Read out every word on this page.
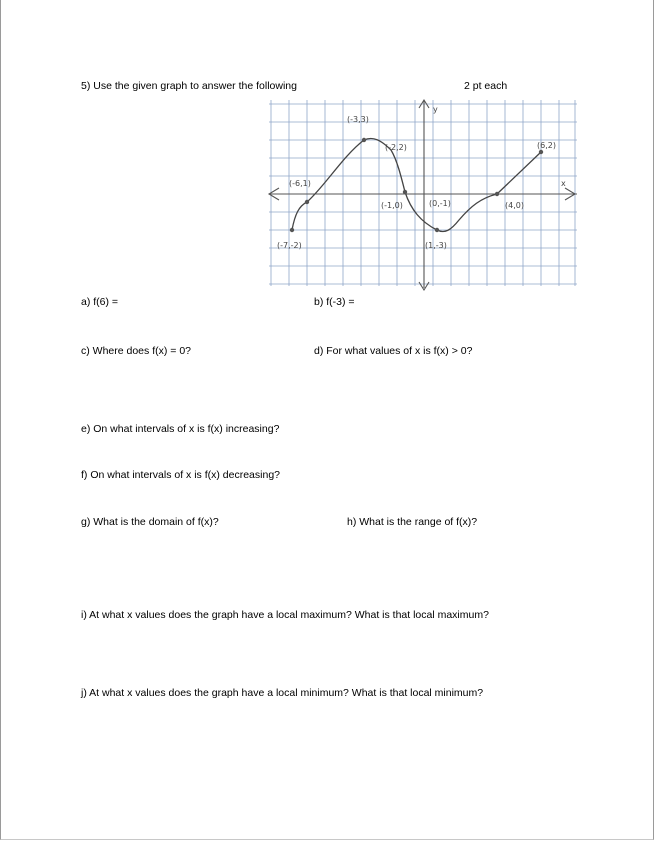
5) Use the given graph to answer the following	2 pt each
y
x
(-3,3)
(-2,2)	(6,2)
(-6,1)
(-1,0)	(0,-1)	(4,0)
(-7,-2)	(1,-3)
a) f(6) =	b) f(-3) =
c) Where does f(x) = 0?	d) For what values of x is f(x) > 0?
e) On what intervals of x is f(x) increasing?
f) On what intervals of x is f(x) decreasing?
g) What is the domain of f(x)?	h) What is the range of f(x)?
i) At what x values does the graph have a local maximum? What is that local maximum?
j) At what x values does the graph have a local minimum? What is that local minimum?
